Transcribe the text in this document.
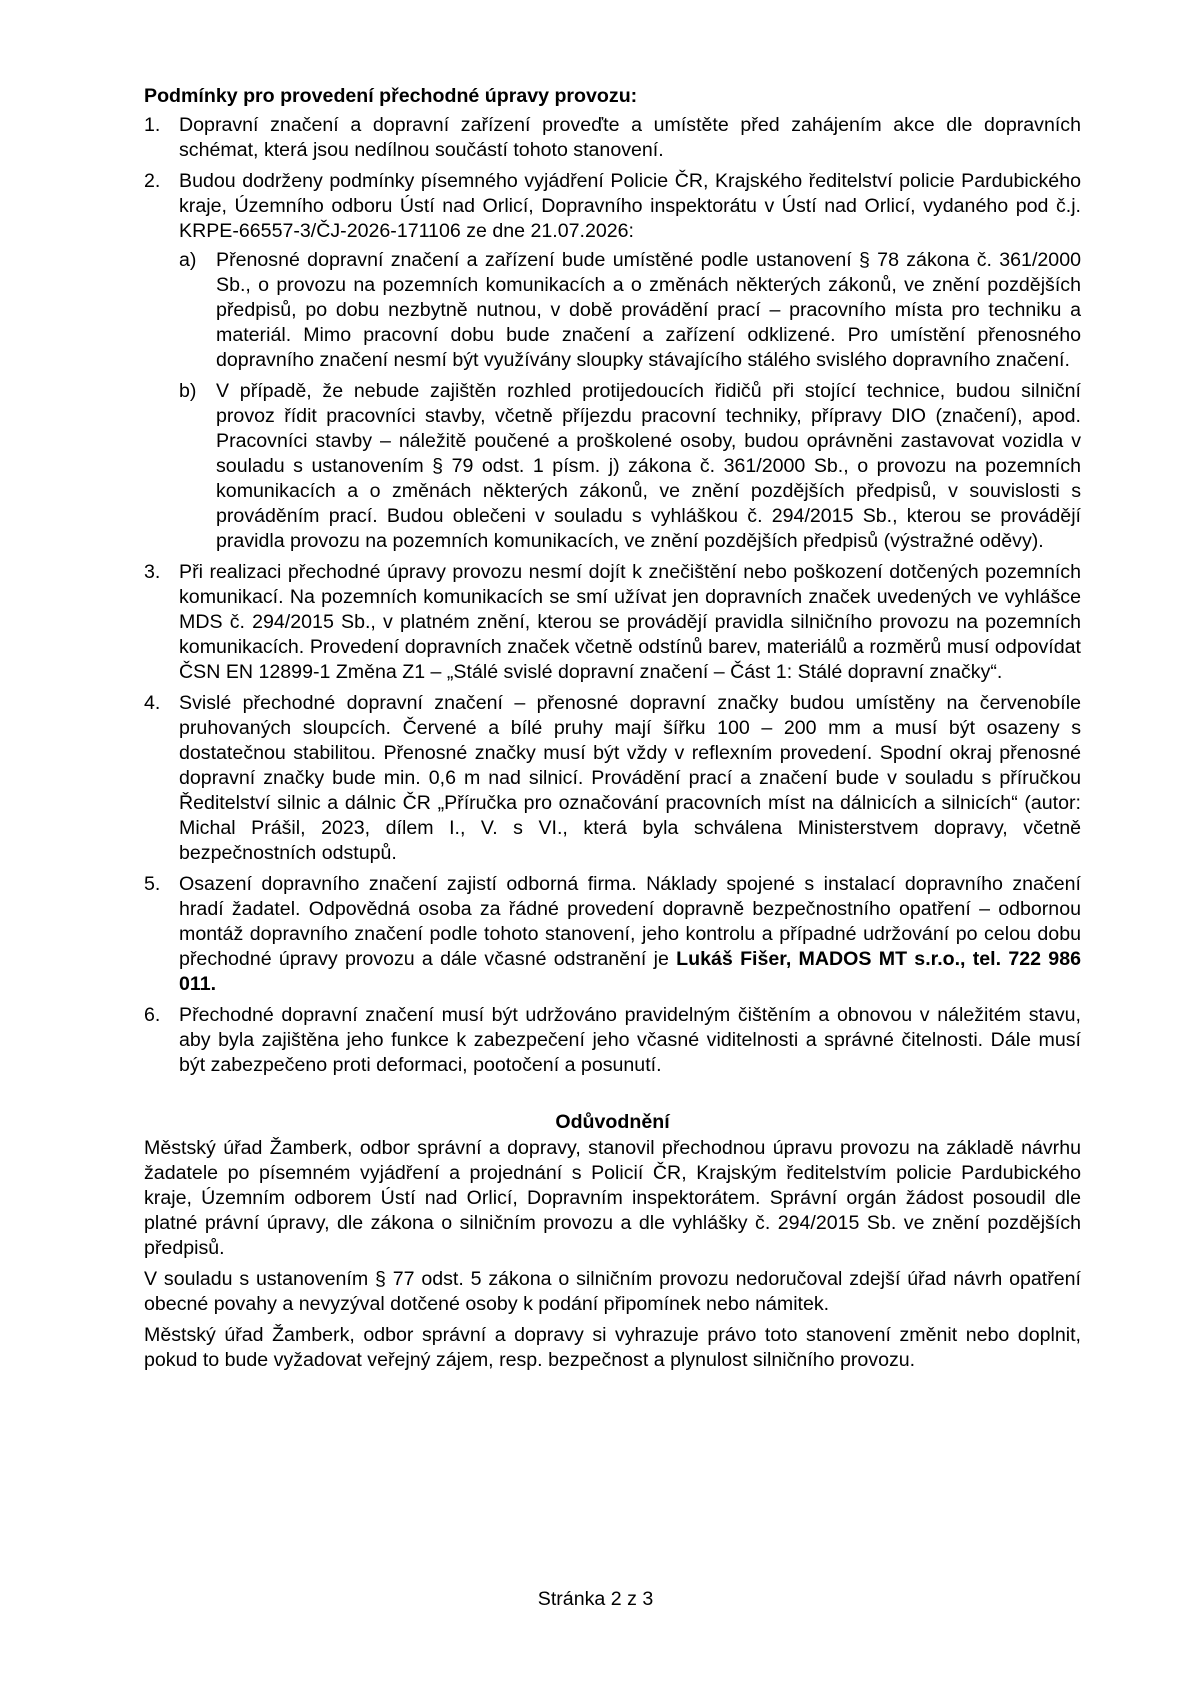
Podmínky pro provedení přechodné úpravy provozu:
1. Dopravní značení a dopravní zařízení proveďte a umístěte před zahájením akce dle dopravních schémat, která jsou nedílnou součástí tohoto stanovení.
2. Budou dodrženy podmínky písemného vyjádření Policie ČR, Krajského ředitelství policie Pardubického kraje, Územního odboru Ústí nad Orlicí, Dopravního inspektorátu v Ústí nad Orlicí, vydaného pod č.j. KRPE-66557-3/ČJ-2026-171106 ze dne 21.07.2026:
a) Přenosné dopravní značení a zařízení bude umístěné podle ustanovení § 78 zákona č. 361/2000 Sb., o provozu na pozemních komunikacích a o změnách některých zákonů, ve znění pozdějších předpisů, po dobu nezbytně nutnou, v době provádění prací – pracovního místa pro techniku a materiál. Mimo pracovní dobu bude značení a zařízení odklizené. Pro umístění přenosného dopravního značení nesmí být využívány sloupky stávajícího stálého svislého dopravního značení.
b) V případě, že nebude zajištěn rozhled protijedoucích řidičů při stojící technice, budou silniční provoz řídit pracovníci stavby, včetně příjezdu pracovní techniky, přípravy DIO (značení), apod. Pracovníci stavby – náležitě poučené a proškolené osoby, budou oprávněni zastavovat vozidla v souladu s ustanovením § 79 odst. 1 písm. j) zákona č. 361/2000 Sb., o provozu na pozemních komunikacích a o změnách některých zákonů, ve znění pozdějších předpisů, v souvislosti s prováděním prací. Budou oblečeni v souladu s vyhláškou č. 294/2015 Sb., kterou se provádějí pravidla provozu na pozemních komunikacích, ve znění pozdějších předpisů (výstražné oděvy).
3. Při realizaci přechodné úpravy provozu nesmí dojít k znečištění nebo poškození dotčených pozemních komunikací. Na pozemních komunikacích se smí užívat jen dopravních značek uvedených ve vyhlášce MDS č. 294/2015 Sb., v platném znění, kterou se provádějí pravidla silničního provozu na pozemních komunikacích. Provedení dopravních značek včetně odstínů barev, materiálů a rozměrů musí odpovídat ČSN EN 12899-1 Změna Z1 – „Stálé svislé dopravní značení – Část 1: Stálé dopravní značky“.
4. Svislé přechodné dopravní značení – přenosné dopravní značky budou umístěny na červenobíle pruhovaných sloupcích. Červené a bílé pruhy mají šířku 100 – 200 mm a musí být osazeny s dostatečnou stabilitou. Přenosné značky musí být vždy v reflexním provedení. Spodní okraj přenosné dopravní značky bude min. 0,6 m nad silnicí. Provádění prací a značení bude v souladu s příručkou Ředitelství silnic a dálnic ČR „Příručka pro označování pracovních míst na dálnicích a silnicích“ (autor: Michal Prášil, 2023, dílem I., V. s VI., která byla schválena Ministerstvem dopravy, včetně bezpečnostních odstupů.
5. Osazení dopravního značení zajistí odborná firma. Náklady spojené s instalací dopravního značení hradí žadatel. Odpovědná osoba za řádné provedení dopravně bezpečnostního opatření – odbornou montáž dopravního značení podle tohoto stanovení, jeho kontrolu a případné udržování po celou dobu přechodné úpravy provozu a dále včasné odstranění je Lukáš Fišer, MADOS MT s.r.o., tel. 722 986 011.
6. Přechodné dopravní značení musí být udržováno pravidelným čištěním a obnovou v náležitém stavu, aby byla zajištěna jeho funkce k zabezpečení jeho včasné viditelnosti a správné čitelnosti. Dále musí být zabezpečeno proti deformaci, pootočení a posunutí.
Odůvodnění

Městský úřad Žamberk, odbor správní a dopravy, stanovil přechodnou úpravu provozu na základě návrhu žadatele po písemném vyjádření a projednání s Policií ČR, Krajským ředitelstvím policie Pardubického kraje, Územním odborem Ústí nad Orlicí, Dopravním inspektorátem. Správní orgán žádost posoudil dle platné právní úpravy, dle zákona o silničním provozu a dle vyhlášky č. 294/2015 Sb. ve znění pozdějších předpisů.

V souladu s ustanovením § 77 odst. 5 zákona o silničním provozu nedoručoval zdejší úřad návrh opatření obecné povahy a nevyzýval dotčené osoby k podání připomínek nebo námitek.

Městský úřad Žamberk, odbor správní a dopravy si vyhrazuje právo toto stanovení změnit nebo doplnit, pokud to bude vyžadovat veřejný zájem, resp. bezpečnost a plynulost silničního provozu.

Stránka 2 z 3
